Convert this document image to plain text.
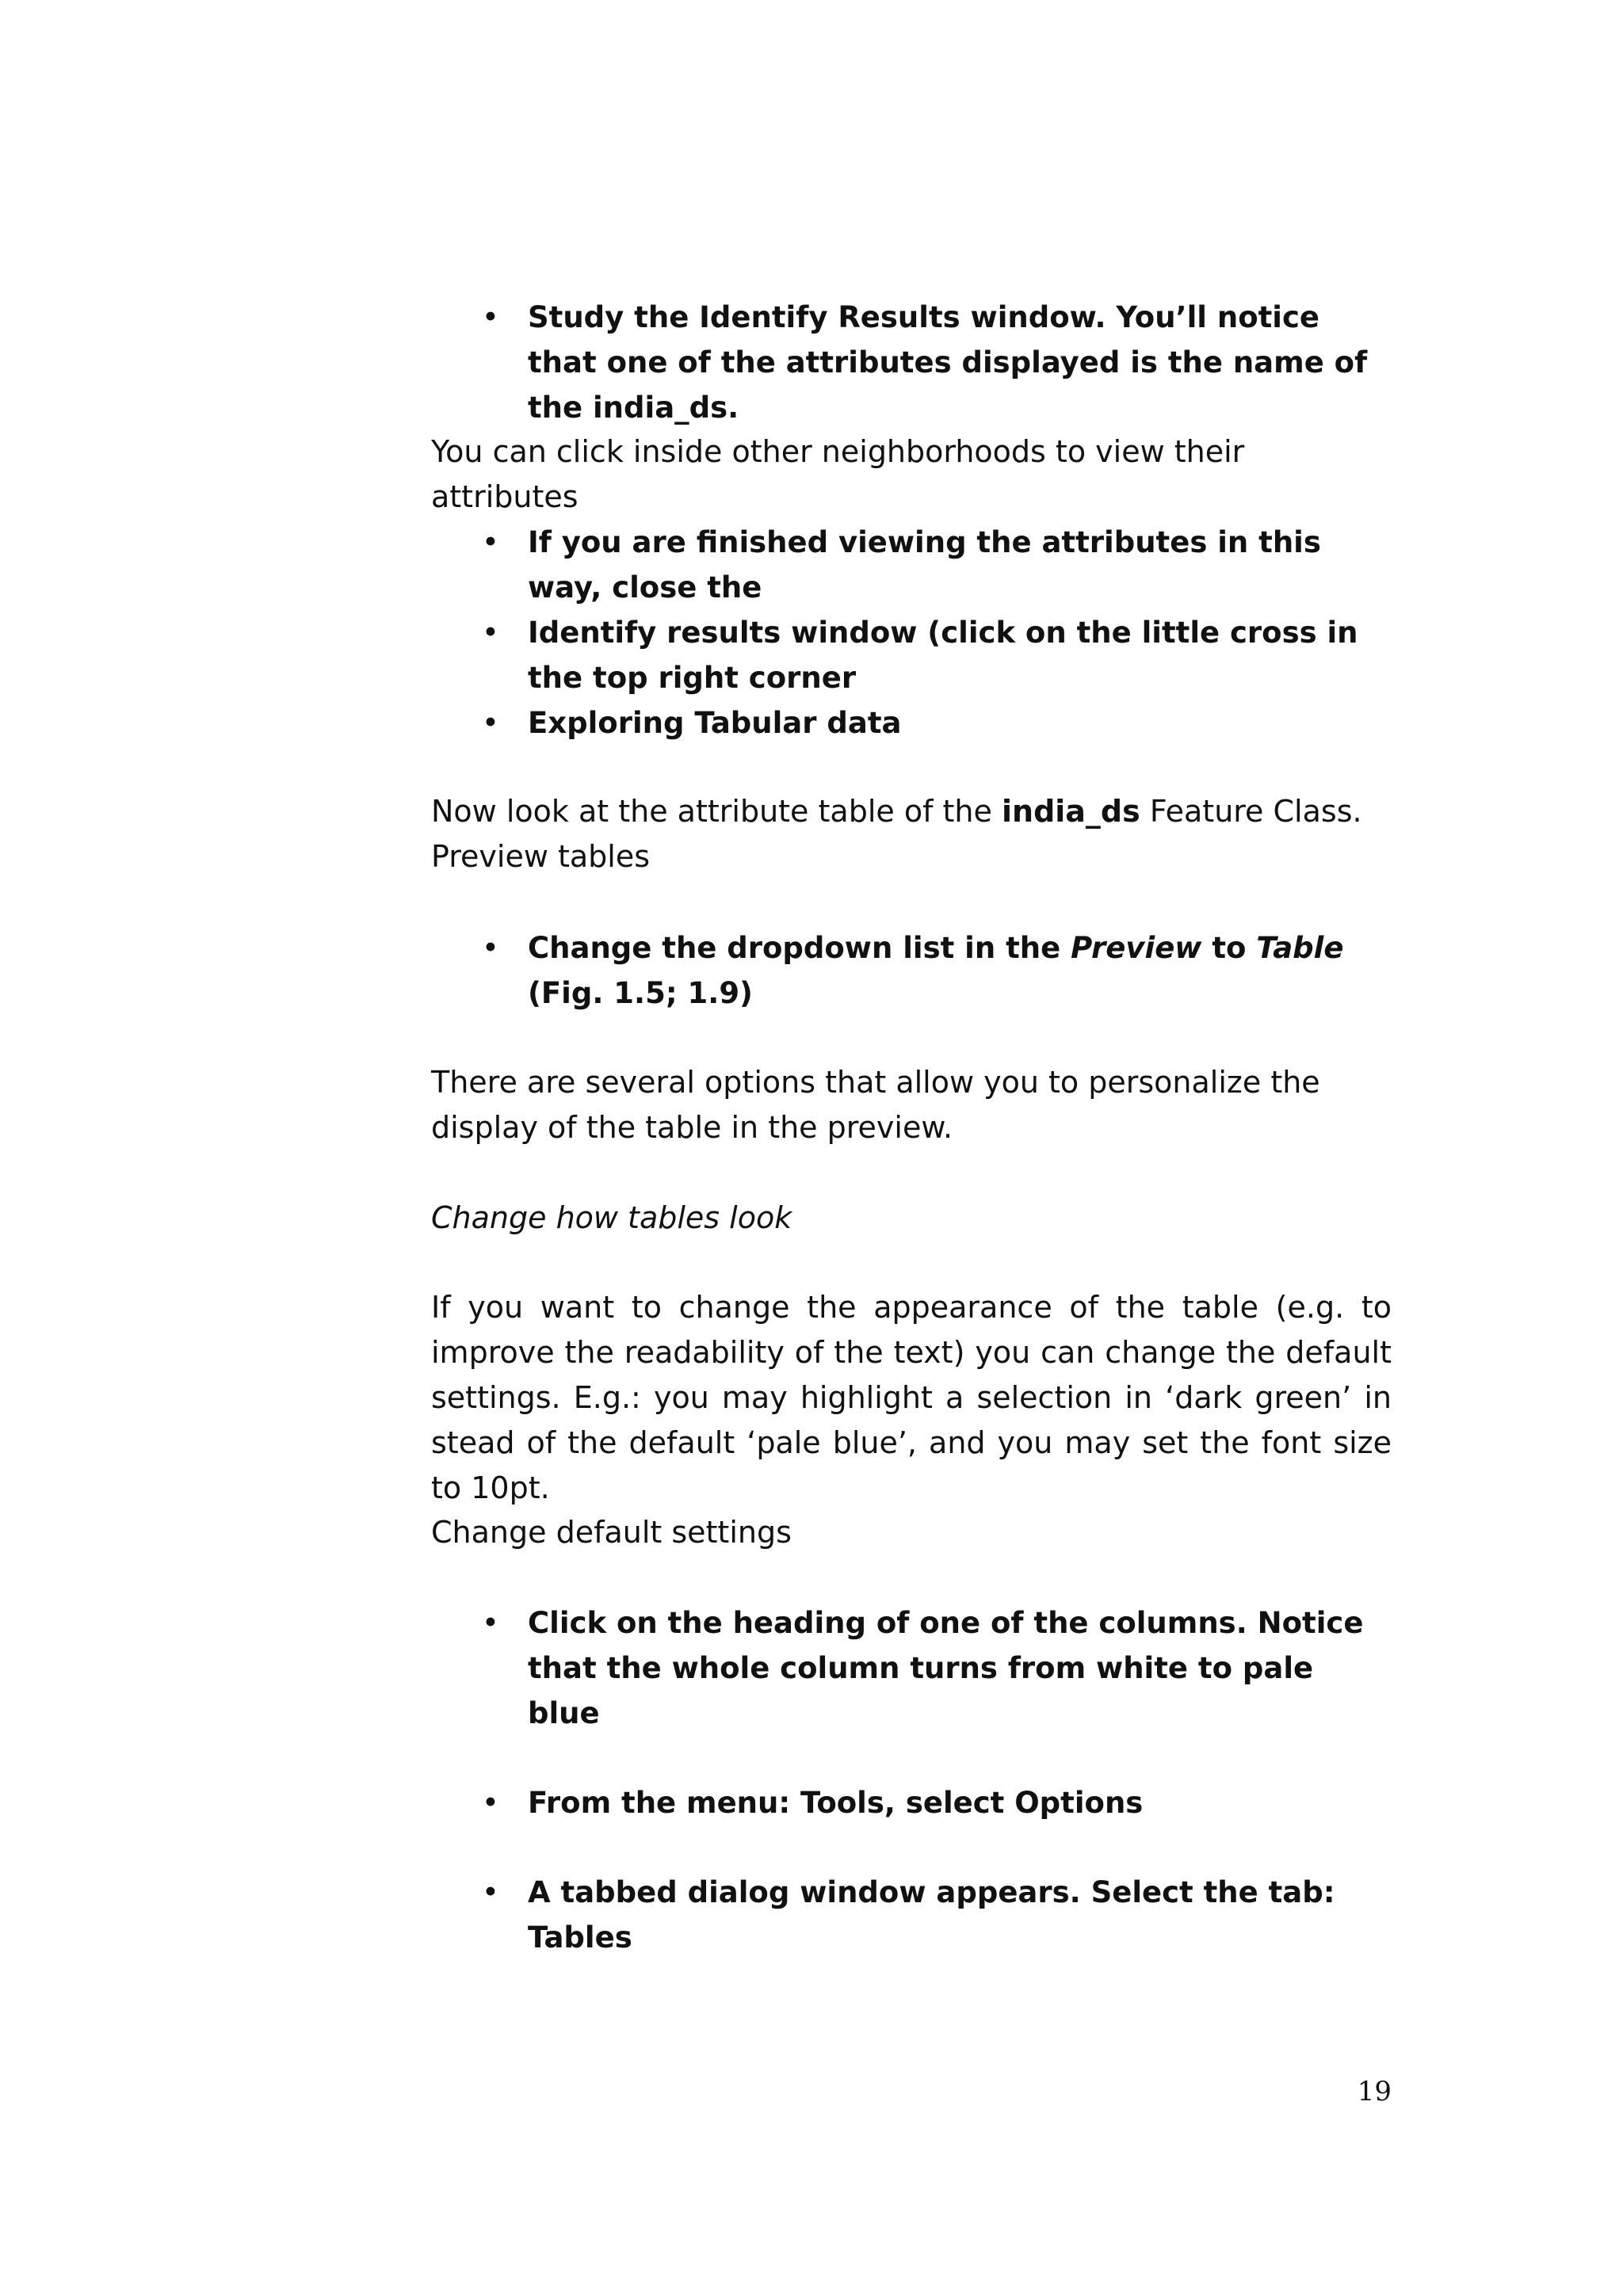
• Study the Identify Results window. You’ll notice that one of the attributes displayed is the name of the india_ds.

You can click inside other neighborhoods to view their attributes

• If you are finished viewing the attributes in this way, close the
• Identify results window (click on the little cross in the top right corner
• Exploring Tabular data

Now look at the attribute table of the india_ds Feature Class.
Preview tables

• Change the dropdown list in the Preview to Table (Fig. 1.5; 1.9)

There are several options that allow you to personalize the display of the table in the preview.

Change how tables look

If you want to change the appearance of the table (e.g. to improve the readability of the text) you can change the default settings. E.g.: you may highlight a selection in ‘dark green’ in stead of the default ‘pale blue’, and you may set the font size to 10pt.

Change default settings

• Click on the heading of one of the columns. Notice that the whole column turns from white to pale blue
• From the menu: Tools, select Options
• A tabbed dialog window appears. Select the tab: Tables
19
